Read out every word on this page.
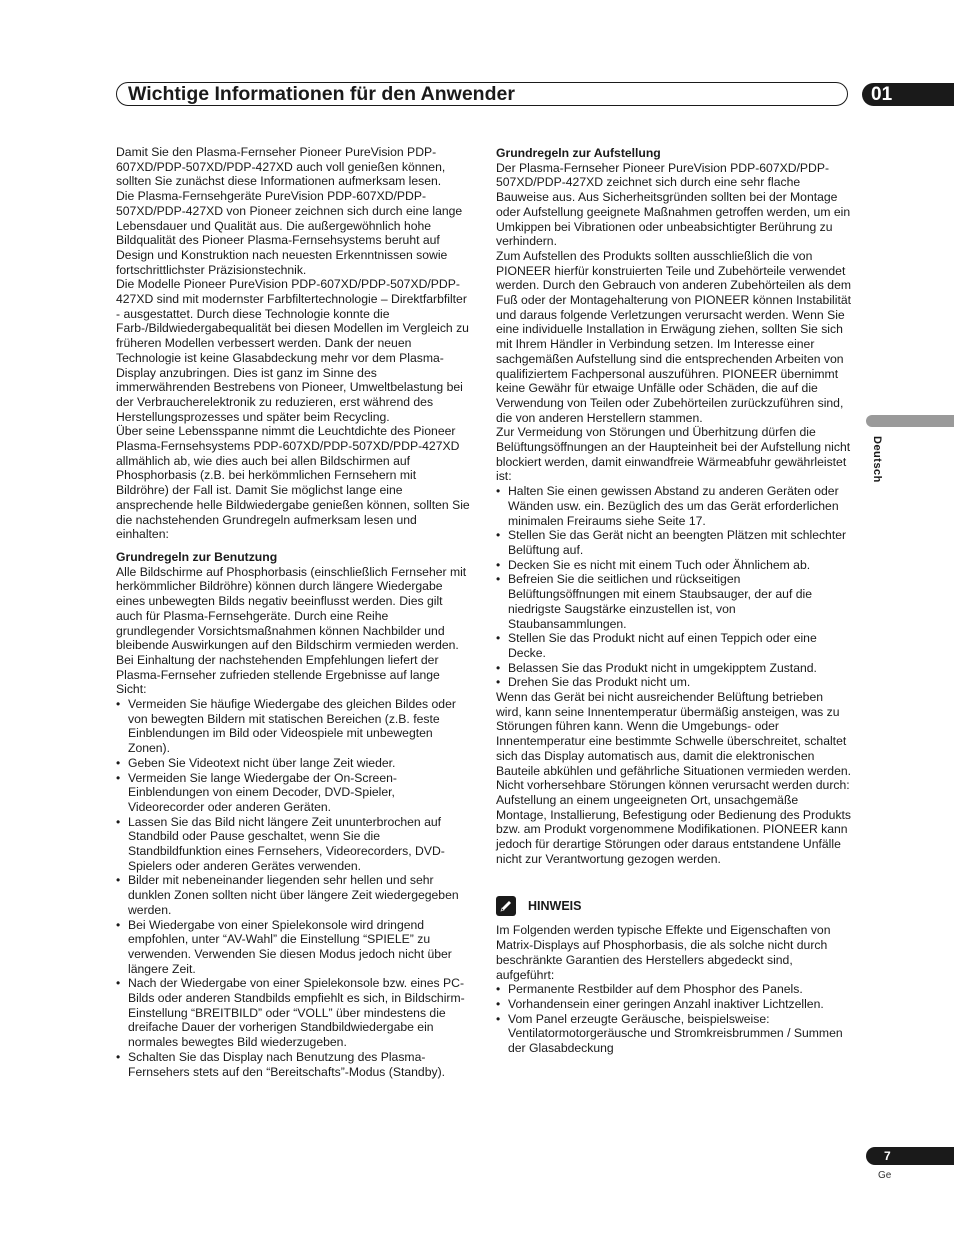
Wichtige Informationen für den Anwender	01
Deutsch

Damit Sie den Plasma-Fernseher Pioneer PureVision PDP-607XD/PDP-507XD/PDP-427XD auch voll genießen können, sollten Sie zunächst diese Informationen aufmerksam lesen.

Die Plasma-Fernsehgeräte PureVision PDP-607XD/PDP-507XD/PDP-427XD von Pioneer zeichnen sich durch eine lange Lebensdauer und Qualität aus. Die außergewöhnlich hohe Bildqualität des Pioneer Plasma-Fernsehsystems beruht auf Design und Konstruktion nach neuesten Erkenntnissen sowie fortschrittlichster Präzisionstechnik.

Die Modelle Pioneer PureVision PDP-607XD/PDP-507XD/PDP-427XD sind mit modernster Farbfiltertechnologie – Direktfarbfilter - ausgestattet. Durch diese Technologie konnte die Farb-/Bildwiedergabequalität bei diesen Modellen im Vergleich zu früheren Modellen verbessert werden. Dank der neuen Technologie ist keine Glasabdeckung mehr vor dem Plasma-Display anzubringen. Dies ist ganz im Sinne des immerwährenden Bestrebens von Pioneer, Umweltbelastung bei der Verbraucherelektronik zu reduzieren, erst während des Herstellungsprozesses und später beim Recycling.

Über seine Lebensspanne nimmt die Leuchtdichte des Pioneer Plasma-Fernsehsystems PDP-607XD/PDP-507XD/PDP-427XD allmählich ab, wie dies auch bei allen Bildschirmen auf Phosphorbasis (z.B. bei herkömmlichen Fernsehern mit Bildröhre) der Fall ist. Damit Sie möglichst lange eine ansprechende helle Bildwiedergabe genießen können, sollten Sie die nachstehenden Grundregeln aufmerksam lesen und einhalten:

Grundregeln zur Benutzung

Alle Bildschirme auf Phosphorbasis (einschließlich Fernseher mit herkömmlicher Bildröhre) können durch längere Wiedergabe eines unbewegten Bilds negativ beeinflusst werden. Dies gilt auch für Plasma-Fernsehgeräte. Durch eine Reihe grundlegender Vorsichtsmaßnahmen können Nachbilder und bleibende Auswirkungen auf den Bildschirm vermieden werden. Bei Einhaltung der nachstehenden Empfehlungen liefert der Plasma-Fernseher zufrieden stellende Ergebnisse auf lange Sicht:

• Vermeiden Sie häufige Wiedergabe des gleichen Bildes oder von bewegten Bildern mit statischen Bereichen (z.B. feste Einblendungen im Bild oder Videospiele mit unbewegten Zonen).
• Geben Sie Videotext nicht über lange Zeit wieder.
• Vermeiden Sie lange Wiedergabe der On-Screen-Einblendungen von einem Decoder, DVD-Spieler, Videorecorder oder anderen Geräten.
• Lassen Sie das Bild nicht längere Zeit ununterbrochen auf Standbild oder Pause geschaltet, wenn Sie die Standbildfunktion eines Fernsehers, Videorecorders, DVD-Spielers oder anderen Gerätes verwenden.
• Bilder mit nebeneinander liegenden sehr hellen und sehr dunklen Zonen sollten nicht über längere Zeit wiedergegeben werden.
• Bei Wiedergabe von einer Spielekonsole wird dringend empfohlen, unter “AV-Wahl” die Einstellung “SPIELE” zu verwenden. Verwenden Sie diesen Modus jedoch nicht über längere Zeit.
• Nach der Wiedergabe von einer Spielekonsole bzw. eines PC-Bilds oder anderen Standbilds empfiehlt es sich, in Bildschirm-Einstellung “BREITBILD” oder “VOLL” über mindestens die dreifache Dauer der vorherigen Standbildwiedergabe ein normales bewegtes Bild wiederzugeben.
• Schalten Sie das Display nach Benutzung des Plasma-Fernsehers stets auf den “Bereitschafts”-Modus (Standby).
Grundregeln zur Aufstellung

Der Plasma-Fernseher Pioneer PureVision PDP-607XD/PDP-507XD/PDP-427XD zeichnet sich durch eine sehr flache Bauweise aus. Aus Sicherheitsgründen sollten bei der Montage oder Aufstellung geeignete Maßnahmen getroffen werden, um ein Umkippen bei Vibrationen oder unbeabsichtigter Berührung zu verhindern.

Zum Aufstellen des Produkts sollten ausschließlich die von PIONEER hierfür konstruierten Teile und Zubehörteile verwendet werden. Durch den Gebrauch von anderen Zubehörteilen als dem Fuß oder der Montagehalterung von PIONEER können Instabilität und daraus folgende Verletzungen verursacht werden. Wenn Sie eine individuelle Installation in Erwägung ziehen, sollten Sie sich mit Ihrem Händler in Verbindung setzen. Im Interesse einer sachgemäßen Aufstellung sind die entsprechenden Arbeiten von qualifiziertem Fachpersonal auszuführen. PIONEER übernimmt keine Gewähr für etwaige Unfälle oder Schäden, die auf die Verwendung von Teilen oder Zubehörteilen zurückzuführen sind, die von anderen Herstellern stammen.

Zur Vermeidung von Störungen und Überhitzung dürfen die Belüftungsöffnungen an der Haupteinheit bei der Aufstellung nicht blockiert werden, damit einwandfreie Wärmeabfuhr gewährleistet ist:

• Halten Sie einen gewissen Abstand zu anderen Geräten oder Wänden usw. ein. Bezüglich des um das Gerät erforderlichen minimalen Freiraums siehe Seite 17.
• Stellen Sie das Gerät nicht an beengten Plätzen mit schlechter Belüftung auf.
• Decken Sie es nicht mit einem Tuch oder Ähnlichem ab.
• Befreien Sie die seitlichen und rückseitigen Belüftungsöffnungen mit einem Staubsauger, der auf die niedrigste Saugstärke einzustellen ist, von Staubansammlungen.
• Stellen Sie das Produkt nicht auf einen Teppich oder eine Decke.
• Belassen Sie das Produkt nicht in umgekipptem Zustand.
• Drehen Sie das Produkt nicht um.

Wenn das Gerät bei nicht ausreichender Belüftung betrieben wird, kann seine Innentemperatur übermäßig ansteigen, was zu Störungen führen kann. Wenn die Umgebungs- oder Innentemperatur eine bestimmte Schwelle überschreitet, schaltet sich das Display automatisch aus, damit die elektronischen Bauteile abkühlen und gefährliche Situationen vermieden werden.

Nicht vorhersehbare Störungen können verursacht werden durch: Aufstellung an einem ungeeigneten Ort, unsachgemäße Montage, Installierung, Befestigung oder Bedienung des Produkts bzw. am Produkt vorgenommene Modifikationen. PIONEER kann jedoch für derartige Störungen oder daraus entstandene Unfälle nicht zur Verantwortung gezogen werden.

HINWEIS

Im Folgenden werden typische Effekte und Eigenschaften von Matrix-Displays auf Phosphorbasis, die als solche nicht durch beschränkte Garantien des Herstellers abgedeckt sind, aufgeführt:

• Permanente Restbilder auf dem Phosphor des Panels.
• Vorhandensein einer geringen Anzahl inaktiver Lichtzellen.
• Vom Panel erzeugte Geräusche, beispielsweise: Ventilatormotorgeräusche und Stromkreisbrummen / Summen der Glasabdeckung
7
Ge
